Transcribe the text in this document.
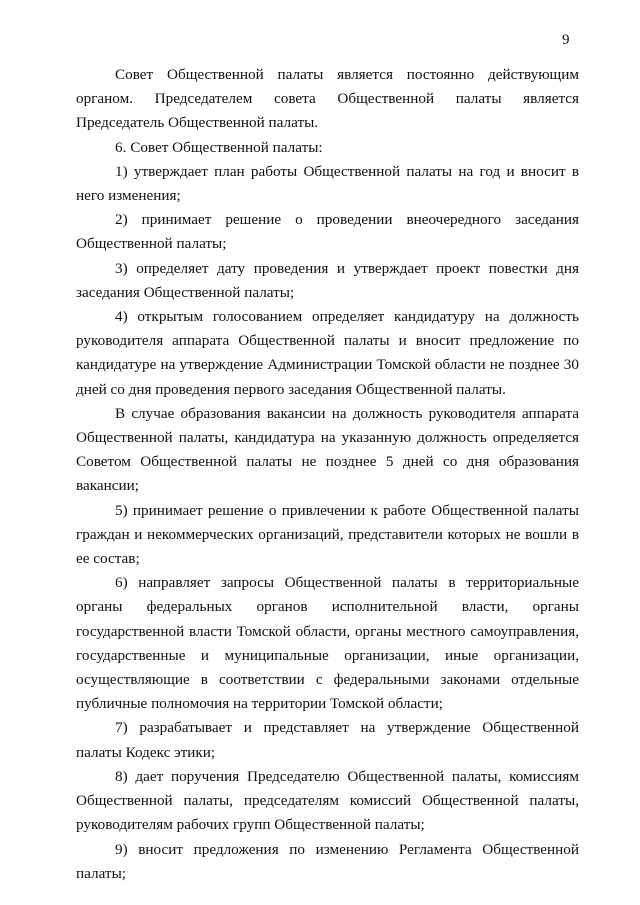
9

Совет Общественной палаты является постоянно действующим органом. Председателем совета Общественной палаты является Председатель Общественной палаты.

6. Совет Общественной палаты:

1) утверждает план работы Общественной палаты на год и вносит в него изменения;

2) принимает решение о проведении внеочередного заседания Общественной палаты;

3) определяет дату проведения и утверждает проект повестки дня заседания Общественной палаты;

4) открытым голосованием определяет кандидатуру на должность руководителя аппарата Общественной палаты и вносит предложение по кандидатуре на утверждение Администрации Томской области не позднее 30 дней со дня проведения первого заседания Общественной палаты.

В случае образования вакансии на должность руководителя аппарата Общественной палаты, кандидатура на указанную должность определяется Советом Общественной палаты не позднее 5 дней со дня образования вакансии;

5) принимает решение о привлечении к работе Общественной палаты граждан и некоммерческих организаций, представители которых не вошли в ее состав;

6) направляет запросы Общественной палаты в территориальные органы федеральных органов исполнительной власти, органы государственной власти Томской области, органы местного самоуправления, государственные и муниципальные организации, иные организации, осуществляющие в соответствии с федеральными законами отдельные публичные полномочия на территории Томской области;

7) разрабатывает и представляет на утверждение Общественной палаты Кодекс этики;

8) дает поручения Председателю Общественной палаты, комиссиям Общественной палаты, председателям комиссий Общественной палаты, руководителям рабочих групп Общественной палаты;

9) вносит предложения по изменению Регламента Общественной палаты;
